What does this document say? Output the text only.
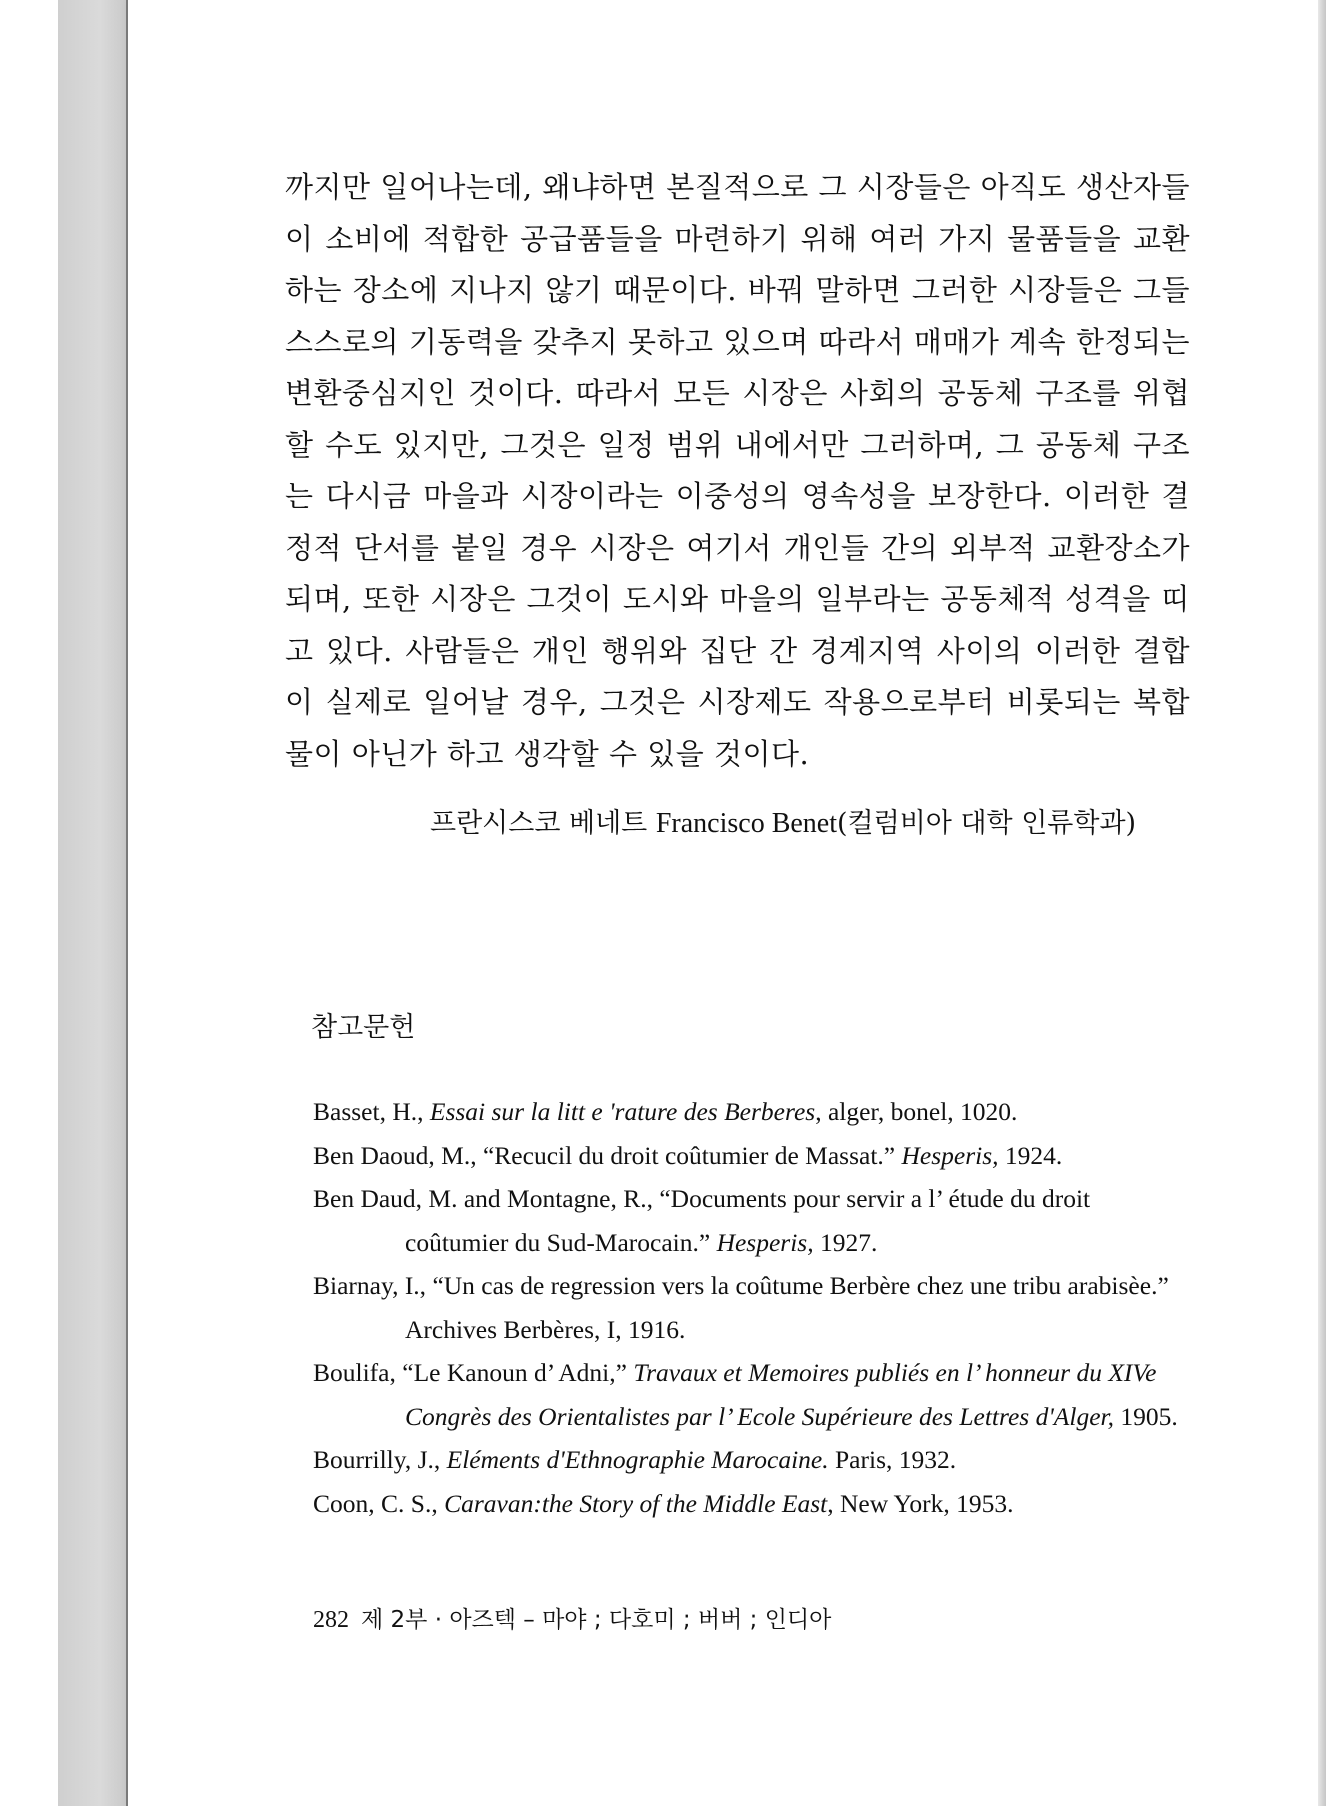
까지만 일어나는데, 왜냐하면 본질적으로 그 시장들은 아직도 생산자들이 소비에 적합한 공급품들을 마련하기 위해 여러 가지 물품들을 교환하는 장소에 지나지 않기 때문이다. 바꿔 말하면 그러한 시장들은 그들 스스로의 기동력을 갖추지 못하고 있으며 따라서 매매가 계속 한정되는 변환중심지인 것이다. 따라서 모든 시장은 사회의 공동체 구조를 위협할 수도 있지만, 그것은 일정 범위 내에서만 그러하며, 그 공동체 구조는 다시금 마을과 시장이라는 이중성의 영속성을 보장한다. 이러한 결정적 단서를 붙일 경우 시장은 여기서 개인들 간의 외부적 교환장소가 되며, 또한 시장은 그것이 도시와 마을의 일부라는 공동체적 성격을 띠고 있다. 사람들은 개인 행위와 집단 간 경계지역 사이의 이러한 결합이 실제로 일어날 경우, 그것은 시장제도 작용으로부터 비롯되는 복합물이 아닌가 하고 생각할 수 있을 것이다.

프란시스코 베네트 Francisco Benet(컬럼비아 대학 인류학과)

참고문헌
Basset, H., Essai sur la litt e 'rature des Berberes, alger, bonel, 1020.
Ben Daoud, M., “Recucil du droit coûtumier de Massat.” Hesperis, 1924.
Ben Daud, M. and Montagne, R., “Documents pour servir a l’ étude du droit
coûtumier du Sud-Marocain.” Hesperis, 1927.
Biarnay, I., “Un cas de regression vers la coûtume Berbère chez une tribu arabisèe.”
Archives Berbères, I, 1916.
Boulifa, “Le Kanoun d’ Adni,” Travaux et Memoires publiés en l’ honneur du XIVe
Congrès des Orientalistes par l’ Ecole Supérieure des Lettres d'Alger, 1905.
Bourrilly, J., Eléments d'Ethnographie Marocaine. Paris, 1932.
Coon, C. S., Caravan:the Story of the Middle East, New York, 1953.

282 제 2부 · 아즈텍 – 마야 ; 다호미 ; 버버 ; 인디아
